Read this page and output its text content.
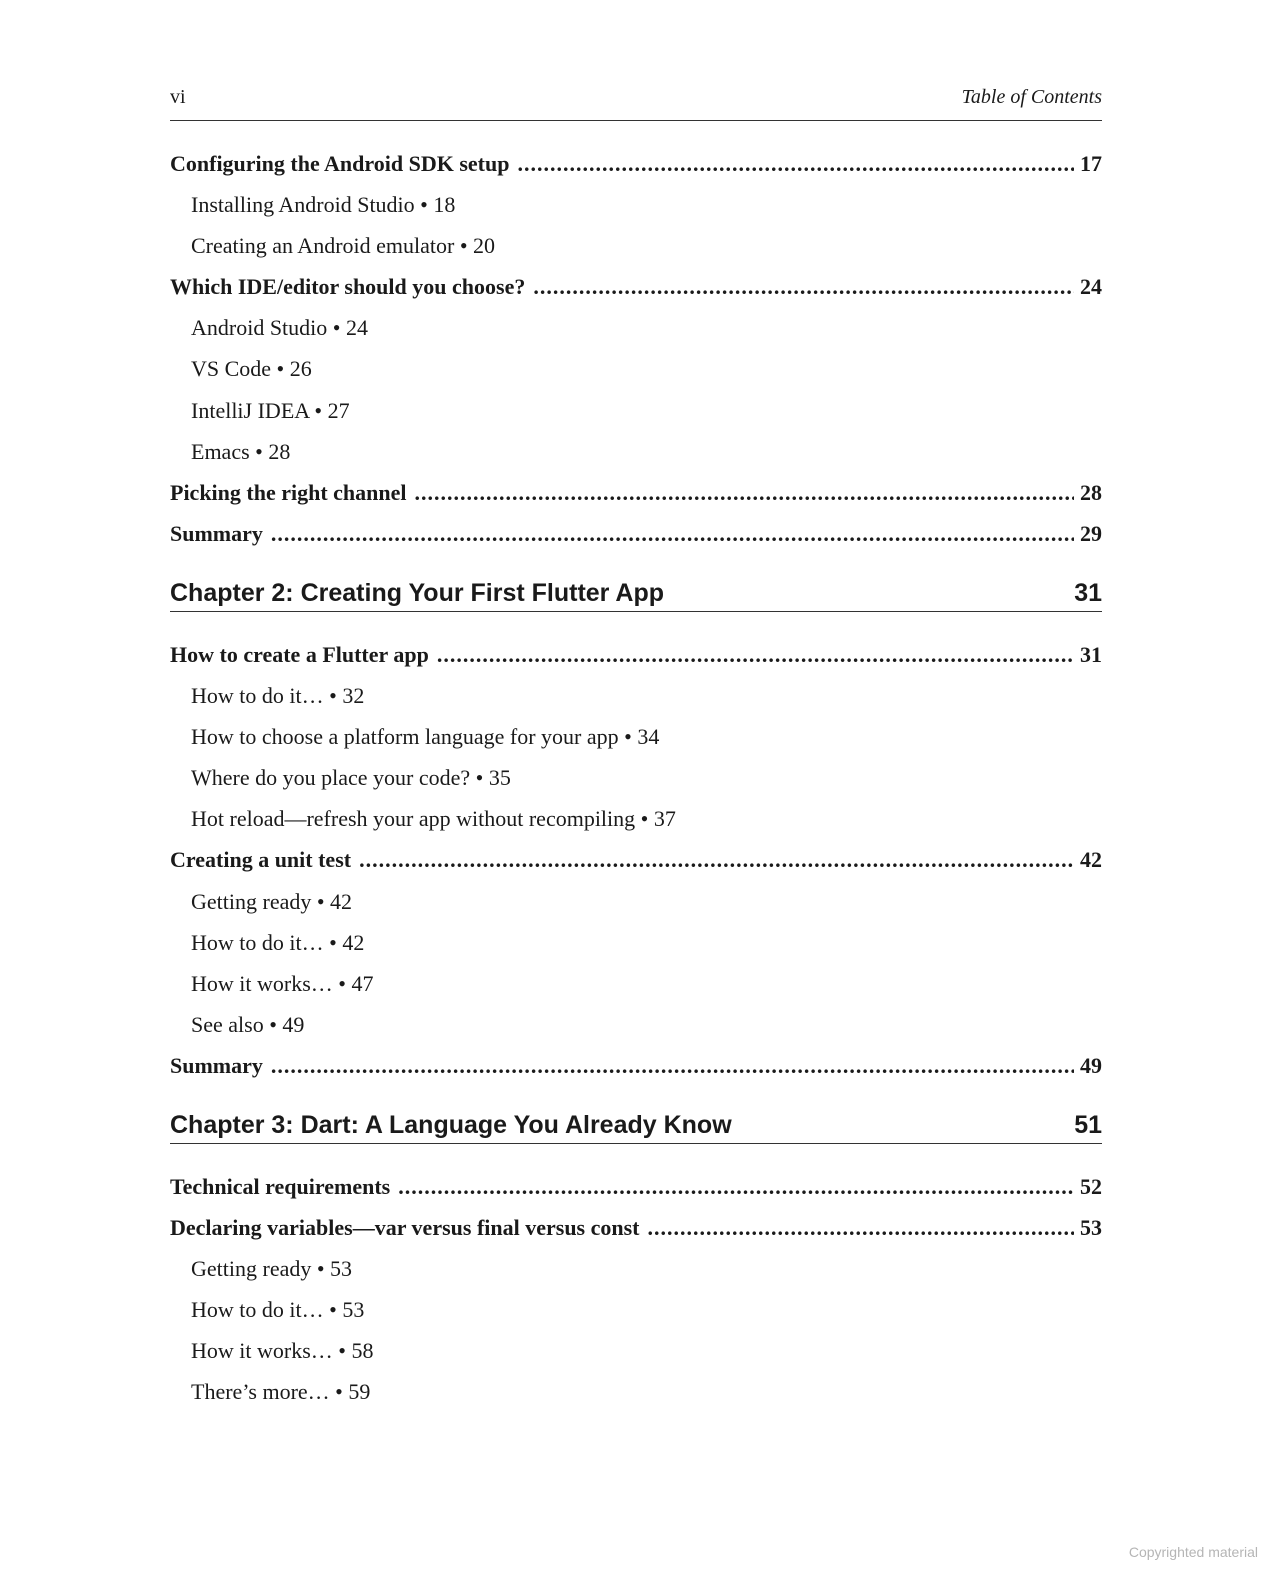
vi	Table of Contents
Configuring the Android SDK setup .....	17
Installing Android Studio • 18
Creating an Android emulator • 20
Which IDE/editor should you choose? .....	24
Android Studio • 24
VS Code • 26
IntelliJ IDEA • 27
Emacs • 28
Picking the right channel .....	28
Summary .....	29
Chapter 2: Creating Your First Flutter App	31
How to create a Flutter app .....	31
How to do it… • 32
How to choose a platform language for your app • 34
Where do you place your code? • 35
Hot reload—refresh your app without recompiling • 37
Creating a unit test .....	42
Getting ready • 42
How to do it… • 42
How it works… • 47
See also • 49
Summary .....	49
Chapter 3: Dart: A Language You Already Know	51
Technical requirements .....	52
Declaring variables—var versus final versus const .....	53
Getting ready • 53
How to do it… • 53
How it works… • 58
There’s more… • 59
Copyrighted material
